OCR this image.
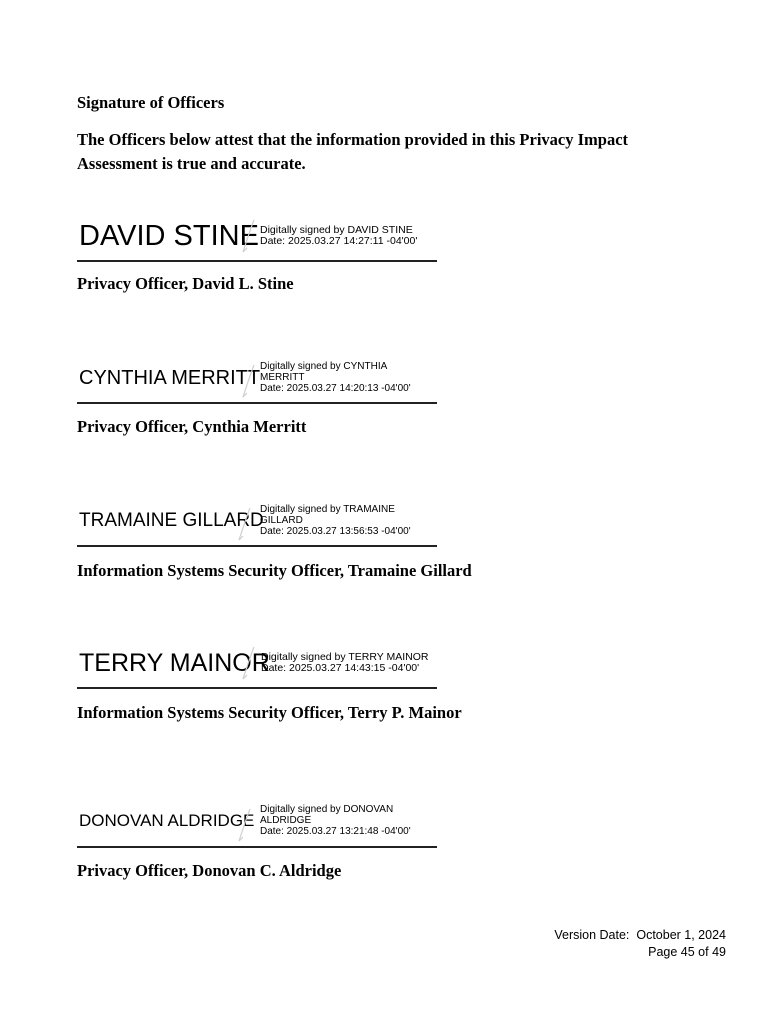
Signature of Officers
The Officers below attest that the information provided in this Privacy Impact
Assessment is true and accurate.
DAVID STINE Digitally signed by DAVID STINE
Date: 2025.03.27 14:27:11 -04'00'
Privacy Officer, David L. Stine
CYNTHIA MERRITT
Digitally signed by CYNTHIA
MERRITT
Date: 2025.03.27 14:20:13 -04'00'
Privacy Officer, Cynthia Merritt
TRAMAINE GILLARD
Digitally signed by TRAMAINE
GILLARD
Date: 2025.03.27 13:56:53 -04'00'
Information Systems Security Officer, Tramaine Gillard
TERRY MAINOR
Digitally signed by TERRY MAINOR
Date: 2025.03.27 14:43:15 -04'00'
Information Systems Security Officer, Terry P. Mainor
DONOVAN ALDRIDGE
Digitally signed by DONOVAN
ALDRIDGE
Date: 2025.03.27 13:21:48 -04'00'
Privacy Officer, Donovan C. Aldridge
Version Date:  October 1, 2024
Page 45 of 49
